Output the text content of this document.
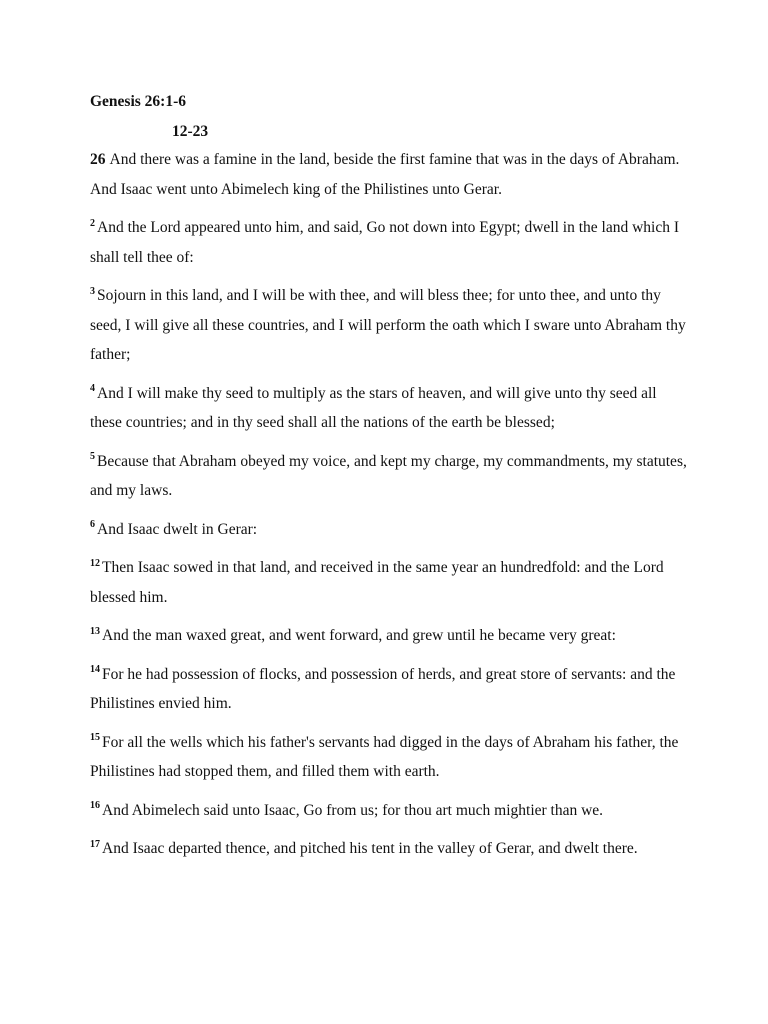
Genesis 26:1-6

12-23

26 And there was a famine in the land, beside the first famine that was in the days of Abraham. And Isaac went unto Abimelech king of the Philistines unto Gerar.

$^2$ And the Lord appeared unto him, and said, Go not down into Egypt; dwell in the land which I shall tell thee of:

$^3$ Sojourn in this land, and I will be with thee, and will bless thee; for unto thee, and unto thy seed, I will give all these countries, and I will perform the oath which I sware unto Abraham thy father;

$^4$ And I will make thy seed to multiply as the stars of heaven, and will give unto thy seed all these countries; and in thy seed shall all the nations of the earth be blessed;

$^5$ Because that Abraham obeyed my voice, and kept my charge, my commandments, my statutes, and my laws.

$^6$ And Isaac dwelt in Gerar:

$^{12}$ Then Isaac sowed in that land, and received in the same year an hundredfold: and the Lord blessed him.

$^{13}$ And the man waxed great, and went forward, and grew until he became very great:

$^{14}$ For he had possession of flocks, and possession of herds, and great store of servants: and the Philistines envied him.

$^{15}$ For all the wells which his father's servants had digged in the days of Abraham his father, the Philistines had stopped them, and filled them with earth.

$^{16}$ And Abimelech said unto Isaac, Go from us; for thou art much mightier than we.

$^{17}$ And Isaac departed thence, and pitched his tent in the valley of Gerar, and dwelt there.
